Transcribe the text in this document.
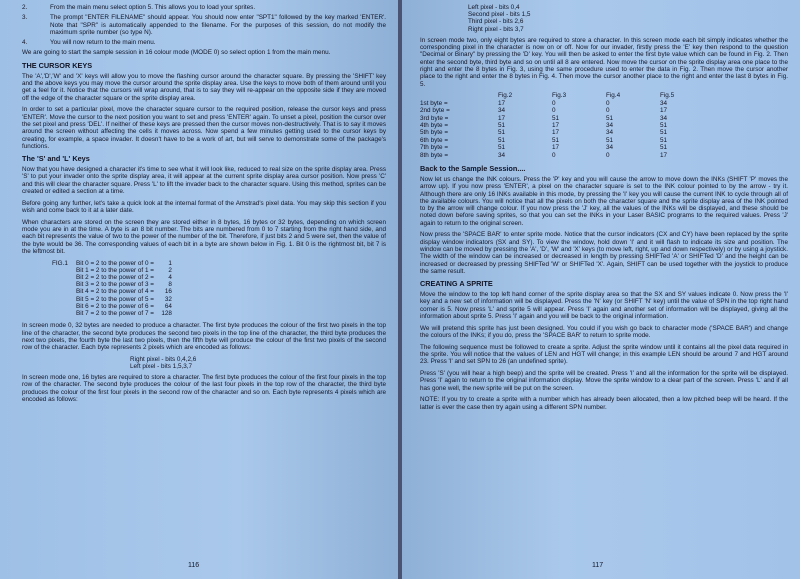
2.	From the main menu select option 5. This allows you to load your sprites.
3.	The prompt "ENTER FILENAME" should appear. You should now enter "SPT1" followed by the key marked 'ENTER'. Note that "SPR" is automatically appended to the filename. For the purposes of this session, do not modify the maximum sprite number (so type N).
4.	You will now return to the main menu.

We are going to start the sample session in 16 colour mode (MODE 0) so select option 1 from the main menu.

THE CURSOR KEYS

The 'A','D','W' and 'X' keys will allow you to move the flashing cursor around the character square. By pressing the 'SHIFT' key and the above keys you may move the cursor around the sprite display area. Use the keys to move both of them around until you get a feel for it. Notice that the cursors will wrap around, that is to say they will re-appear on the opposite side if they are moved off the edge of the character square or the sprite display area.

In order to set a particular pixel, move the character square cursor to the required position, release the cursor keys and press 'ENTER'. Move the cursor to the next position you want to set and press 'ENTER' again. To unset a pixel, position the cursor over the set pixel and press 'DEL'. If neither of these keys are pressed then the cursor moves non-destructively. That is to say it moves around the screen without affecting the cells it moves across. Now spend a few minutes getting used to the cursor keys by creating, for example, a space invader. It doesn't have to be a work of art, but will serve to demonstrate some of the package's functions.

The 'S' and 'L' Keys

Now that you have designed a character it's time to see what it will look like, reduced to real size on the sprite display area. Press 'S' to put your invader onto the sprite display area, it will appear at the current sprite display area cursor position. Now press 'C' and this will clear the character square. Press 'L' to lift the invader back to the character square. Using this method, sprites can be created or edited a section at a time.

Before going any further, let's take a quick look at the internal format of the Amstrad's pixel data. You may skip this section if you wish and come back to it at a later date.

When characters are stored on the screen they are stored either in 8 bytes, 16 bytes or 32 bytes, depending on which screen mode you are in at the time. A byte is an 8 bit number. The bits are numbered from 0 to 7 starting from the right hand side, and each bit represents the value of two to the power of the number of the bit. Therefore, if just bits 2 and 5 were set, then the value of the byte would be 36. The corresponding values of each bit in a byte are shown below in Fig. 1. Bit 0 is the rightmost bit, bit 7 is the leftmost bit.

FIG.1	Bit 0 = 2 to the power of 0 =	1
Bit 1 = 2 to the power of 1 =	2
Bit 2 = 2 to the power of 2 =	4
Bit 3 = 2 to the power of 3 =	8
Bit 4 = 2 to the power of 4 =	16
Bit 5 = 2 to the power of 5 =	32
Bit 6 = 2 to the power of 6 =	64
Bit 7 = 2 to the power of 7 =	128

In screen mode 0, 32 bytes are needed to produce a character. The first byte produces the colour of the first two pixels in the top line of the character, the second byte produces the second two pixels in the top line of the character, the third byte produces the next two pixels, the fourth byte the last two pixels, then the fifth byte will produce the colour of the first two pixels of the second row of the character. Each byte represents 2 pixels which are encoded as follows:

Right pixel - bits 0,4,2,6
Left pixel - bits 1,5,3,7

In screen mode one, 16 bytes are required to store a character. The first byte produces the colour of the first four pixels in the top row of the character. The second byte produces the colour of the last four pixels in the top row of the character, the third byte produces the colour of the first four pixels in the second row of the character and so on. Each byte represents 4 pixels which are encoded as follows:

116
Left pixel - bits 0,4
Second pixel - bits 1,5
Third pixel - bits 2,6
Right pixel - bits 3,7

In screen mode two, only eight bytes are required to store a character. In this screen mode each bit simply indicates whether the corresponding pixel in the character is now on or off. Now for our invader, firstly press the 'E' key then respond to the question "Decimal or Binary" by pressing the 'D' key. You will then be asked to enter the first byte value which can be found in Fig. 2. Then enter the second byte, third byte and so on until all 8 are entered. Now move the cursor on the sprite display area one place to the right and enter the 8 bytes in Fig. 3, using the same procedure used to enter the data in Fig. 2. Then move the cursor another place to the right and enter the 8 bytes in Fig. 4. Then move the cursor another place to the right and enter the last 8 bytes in Fig. 5.

	Fig.2	Fig.3	Fig.4	Fig.5
1st byte =	17	0	0	34
2nd byte =	34	0	0	17
3rd byte =	17	51	51	34
4th byte =	51	17	34	51
5th byte =	51	17	34	51
6th byte =	51	51	51	51
7th byte =	51	17	34	51
8th byte =	34	0	0	17
Back to the Sample Session....

Now let us change the INK colours. Press the 'P' key and you will cause the arrow to move down the INKs (SHIFT 'P' moves the arrow up). If you now press 'ENTER', a pixel on the character square is set to the INK colour pointed to by the arrow - try it. Although there are only 16 INKs available in this mode, by pressing the 'I' key you will cause the current INK to cycle through all of the available colours. You will notice that all the pixels on both the character square and the sprite display area of the INK pointed to by the arrow will change colour. If you now press the 'J' key, all the values of the INKs will be displayed, and these should be noted down before saving sprites, so that you can set the INKs in your Laser BASIC programs to the required values. Press 'J' again to return to the original screen.

Now press the 'SPACE BAR' to enter sprite mode. Notice that the cursor indicators (CX and CY) have been replaced by the sprite display window indicators (SX and SY). To view the window, hold down 'I' and it will flash to indicate its size and position. The window can be moved by pressing the 'A', 'D', 'W' and 'X' keys (to move left, right, up and down respectively) or by using a joystick. The width of the window can be increased or decreased in length by pressing SHIFTed 'A' or SHIFTed 'D' and the height can be increased or decreased by pressing SHIFTed 'W' or SHIFTed 'X'. Again, SHIFT can be used together with the joystick to produce the same result.

CREATING A SPRITE

Move the window to the top left hand corner of the sprite display area so that the SX and SY values indicate 0. Now press the 'I' key and a new set of information will be displayed. Press the 'N' key (or SHIFT 'N' key) until the value of SPN in the top right hand corner is 5. Now press 'L' and sprite 5 will appear. Press 'I' again and another set of information will be displayed, giving all the information about sprite 5. Press 'I' again and you will be back to the original information.

We will pretend this sprite has just been designed. You could if you wish go back to character mode ('SPACE BAR') and change the colours of the INKs; if you do, press the 'SPACE BAR' to return to sprite mode.

The following sequence must be followed to create a sprite. Adjust the sprite window until it contains all the pixel data required in the sprite. You will notice that the values of LEN and HGT will change; in this example LEN should be around 7 and HGT around 23. Press 'I' and set SPN to 26 (an undefined sprite).

Press 'S' (you will hear a high beep) and the sprite will be created. Press 'I' and all the information for the sprite will be displayed. Press 'I' again to return to the original information display. Move the sprite window to a clear part of the screen. Press 'L' and if all has gone well, the new sprite will be put on the screen.

NOTE: If you try to create a sprite with a number which has already been allocated, then a low pitched beep will be heard. If the latter is ever the case then try again using a different SPN number.

117
